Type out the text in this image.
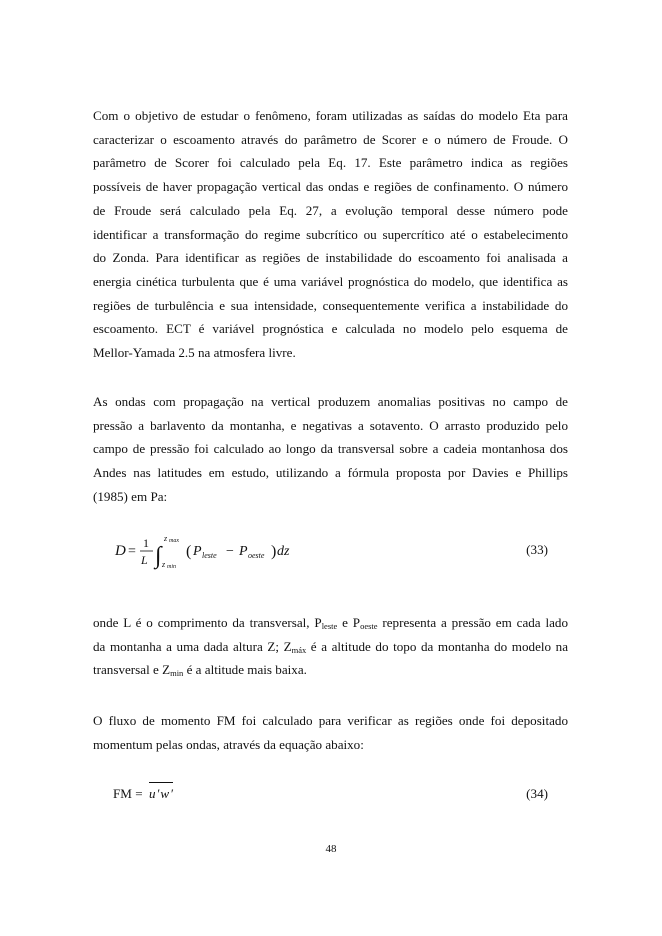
Com o objetivo de estudar o fenômeno, foram utilizadas as saídas do modelo Eta para
caracterizar o escoamento através do parâmetro de Scorer e o número de Froude. O
parâmetro de Scorer foi calculado pela Eq. 17. Este parâmetro indica as regiões
possíveis de haver propagação vertical das ondas e regiões de confinamento. O número
de Froude será calculado pela Eq. 27, a evolução temporal desse número pode
identificar a transformação do regime subcrítico ou supercrítico até o estabelecimento
do Zonda. Para identificar as regiões de instabilidade do escoamento foi analisada a
energia cinética turbulenta que é uma variável prognóstica do modelo, que identifica as
regiões de turbulência e sua intensidade, consequentemente verifica a instabilidade do
escoamento. ECT é variável prognóstica e calculada no modelo pelo esquema de
Mellor-Yamada 2.5 na atmosfera livre.
As ondas com propagação na vertical produzem anomalias positivas no campo de
pressão a barlavento da montanha, e negativas a sotavento. O arrasto produzido pelo
campo de pressão foi calculado ao longo da transversal sobre a cadeia montanhosa dos
Andes nas latitudes em estudo, utilizando a fórmula proposta por Davies e Phillips
(1985) em Pa:
D =
1
L ∫
z max
z min
( P leste − P oeste ) dz	(33)
onde L é o comprimento da transversal, $P_{leste}$ e $P_{oeste}$ representa a pressão em cada lado
da montanha a uma dada altura Z; $Z_{máx}$ é a altitude do topo da montanha do modelo na
transversal e $Z_{min}$ é a altitude mais baixa.
O fluxo de momento FM foi calculado para verificar as regiões onde foi depositado
momentum pelas ondas, através da equação abaixo:
FM = u′w′	(34)
48
